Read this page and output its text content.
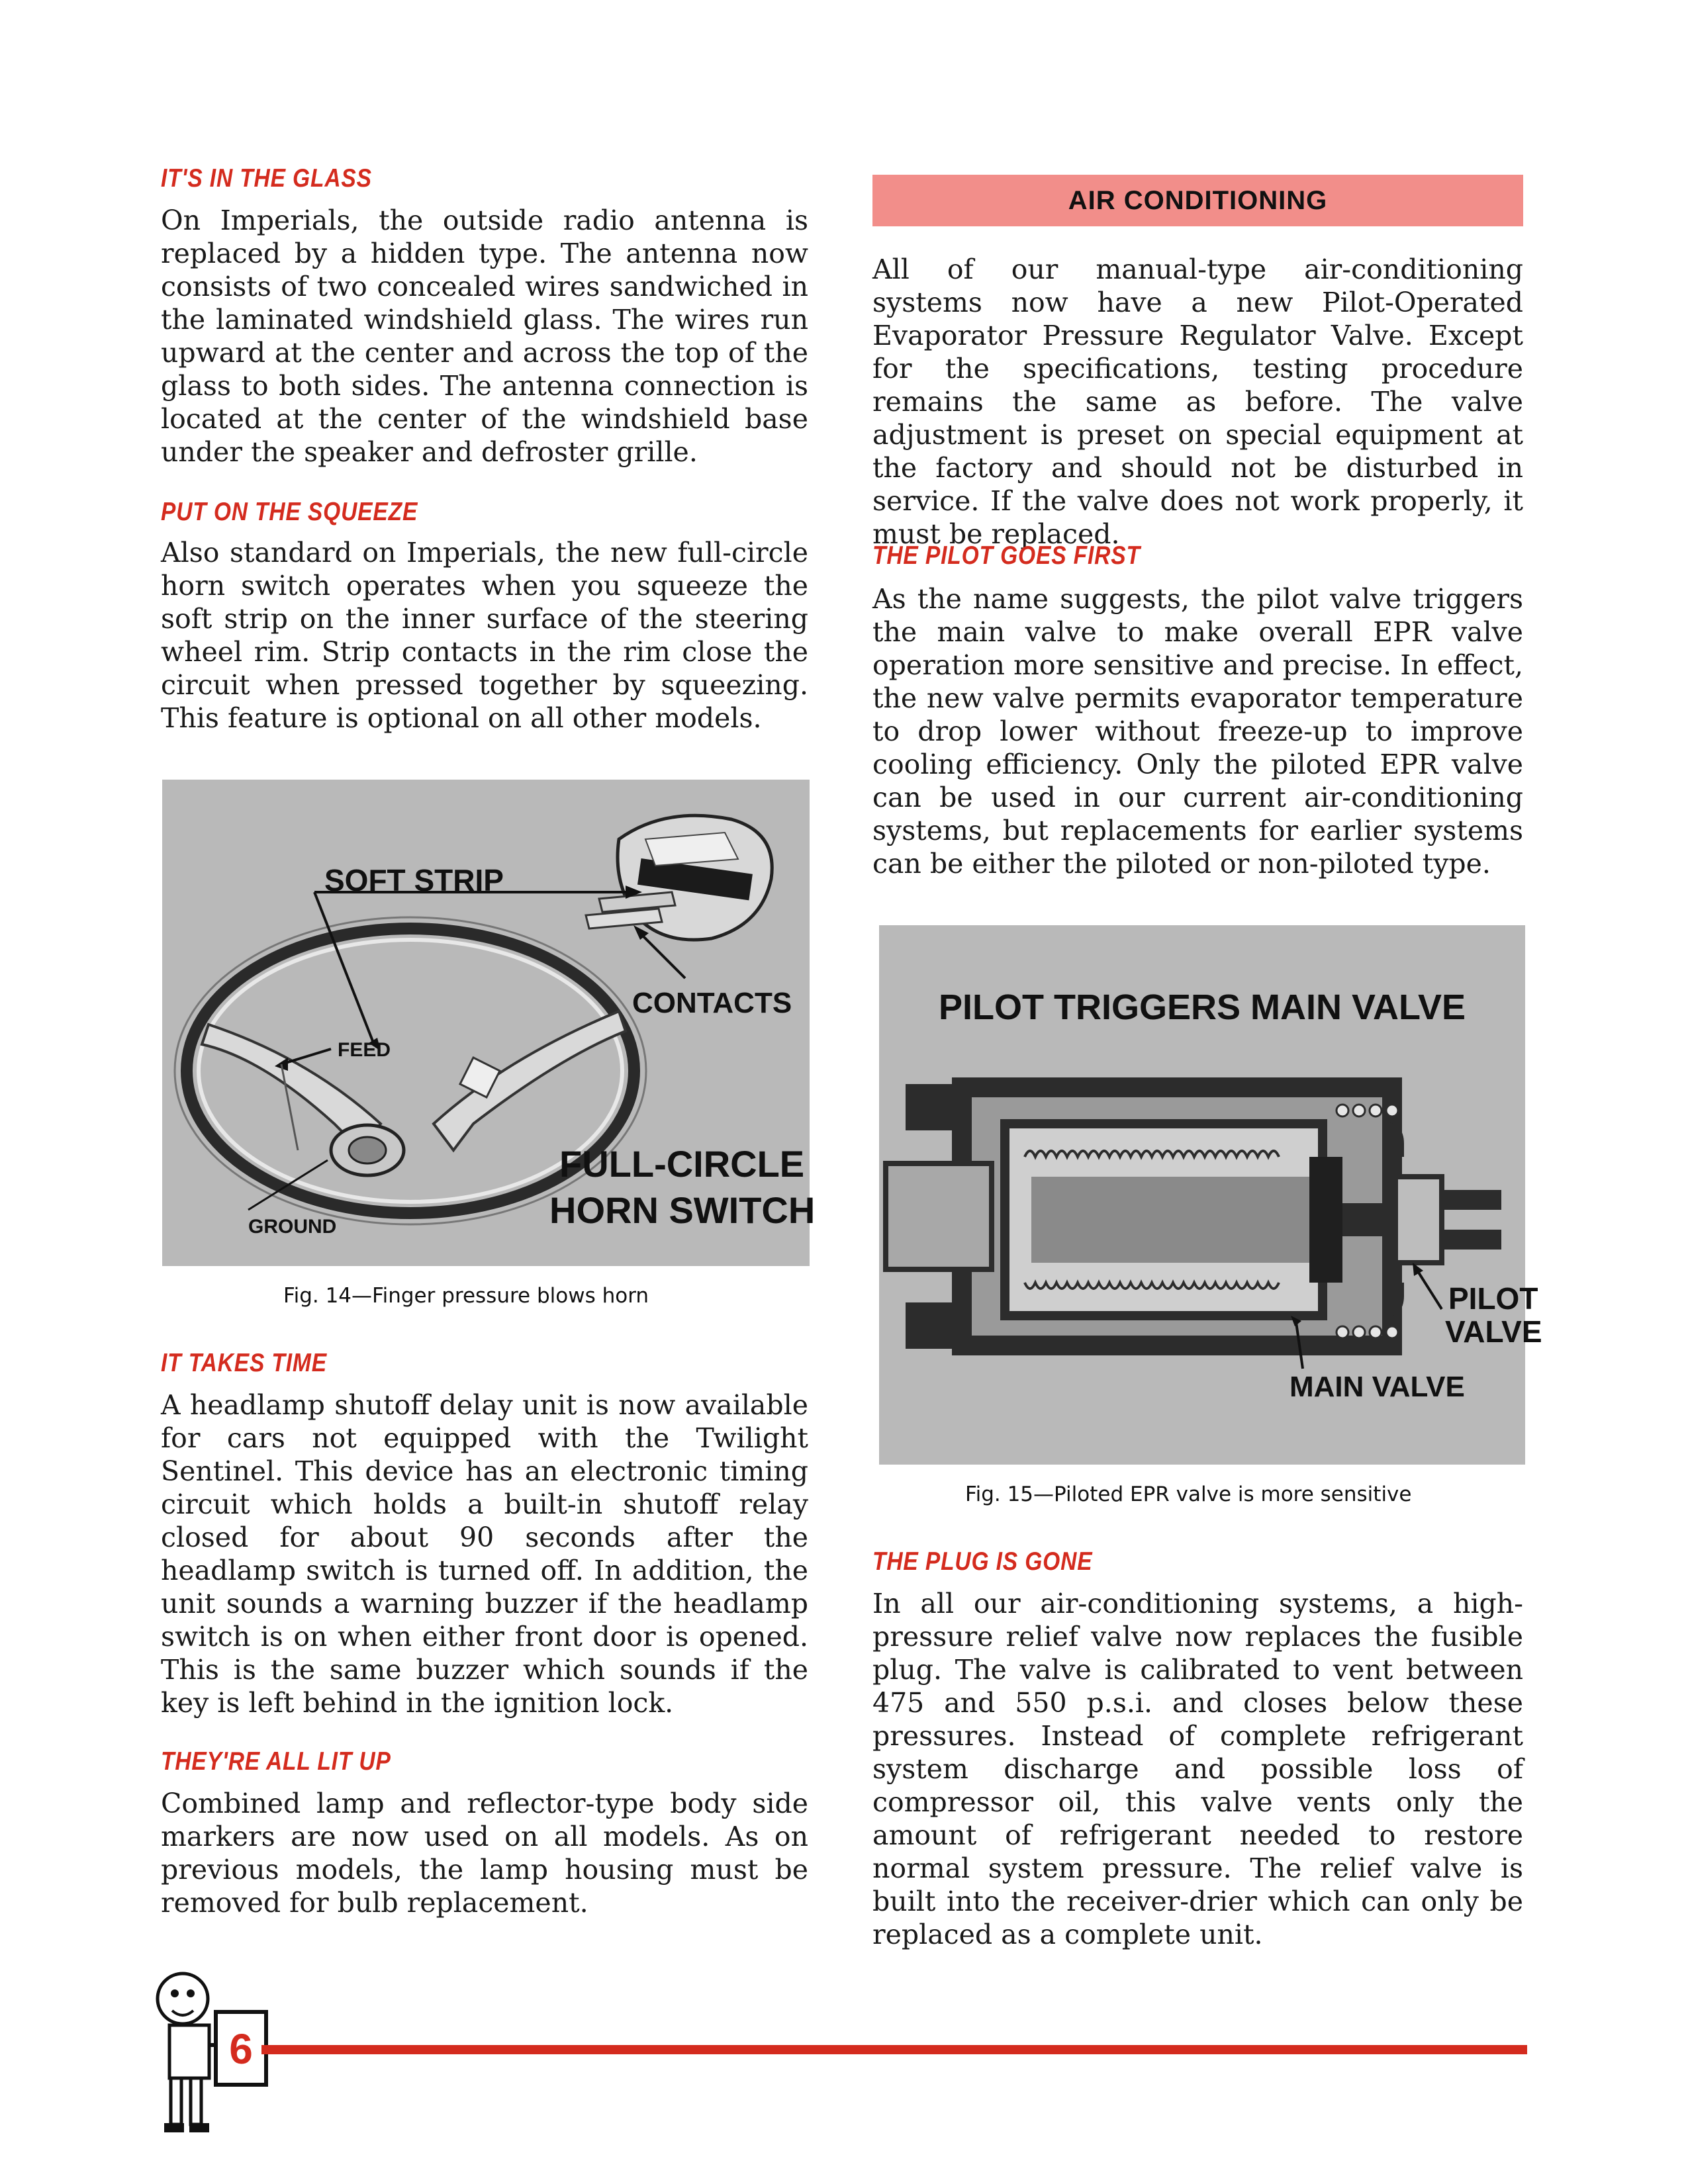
IT'S IN THE GLASS

On Imperials, the outside radio antenna is replaced by a hidden type. The antenna now consists of two concealed wires sandwiched in the laminated windshield glass. The wires run upward at the center and across the top of the glass to both sides. The antenna connection is located at the center of the windshield base under the speaker and defroster grille.

PUT ON THE SQUEEZE

Also standard on Imperials, the new full-circle horn switch operates when you squeeze the soft strip on the inner surface of the steering wheel rim. Strip contacts in the rim close the circuit when pressed together by squeezing. This feature is optional on all other models.

SOFT STRIP
CONTACTS
FEED
FULL-CIRCLE
HORN SWITCH
GROUND
Fig. 14—Finger pressure blows horn
IT TAKES TIME

A headlamp shutoff delay unit is now available for cars not equipped with the Twilight Sentinel. This device has an electronic timing circuit which holds a built-in shutoff relay closed for about 90 seconds after the headlamp switch is turned off. In addition, the unit sounds a warning buzzer if the headlamp switch is on when either front door is opened. This is the same buzzer which sounds if the key is left behind in the ignition lock.

THEY'RE ALL LIT UP

Combined lamp and reflector-type body side markers are now used on all models. As on previous models, the lamp housing must be removed for bulb replacement.

AIR CONDITIONING

All of our manual-type air-conditioning systems now have a new Pilot-Operated Evaporator Pressure Regulator Valve. Except for the specifications, testing procedure remains the same as before. The valve adjustment is preset on special equipment at the factory and should not be disturbed in service. If the valve does not work properly, it must be replaced.

THE PILOT GOES FIRST

As the name suggests, the pilot valve triggers the main valve to make overall EPR valve operation more sensitive and precise. In effect, the new valve permits evaporator temperature to drop lower without freeze-up to improve cooling efficiency. Only the piloted EPR valve can be used in our current air-conditioning systems, but replacements for earlier systems can be either the piloted or non-piloted type.

PILOT TRIGGERS MAIN VALVE
PILOT
VALVE
MAIN VALVE
Fig. 15—Piloted EPR valve is more sensitive
THE PLUG IS GONE

In all our air-conditioning systems, a high-pressure relief valve now replaces the fusible plug. The valve is calibrated to vent between 475 and 550 p.s.i. and closes below these pressures. Instead of complete refrigerant system discharge and possible loss of compressor oil, this valve vents only the amount of refrigerant needed to restore normal system pressure. The relief valve is built into the receiver-drier which can only be replaced as a complete unit.

6
